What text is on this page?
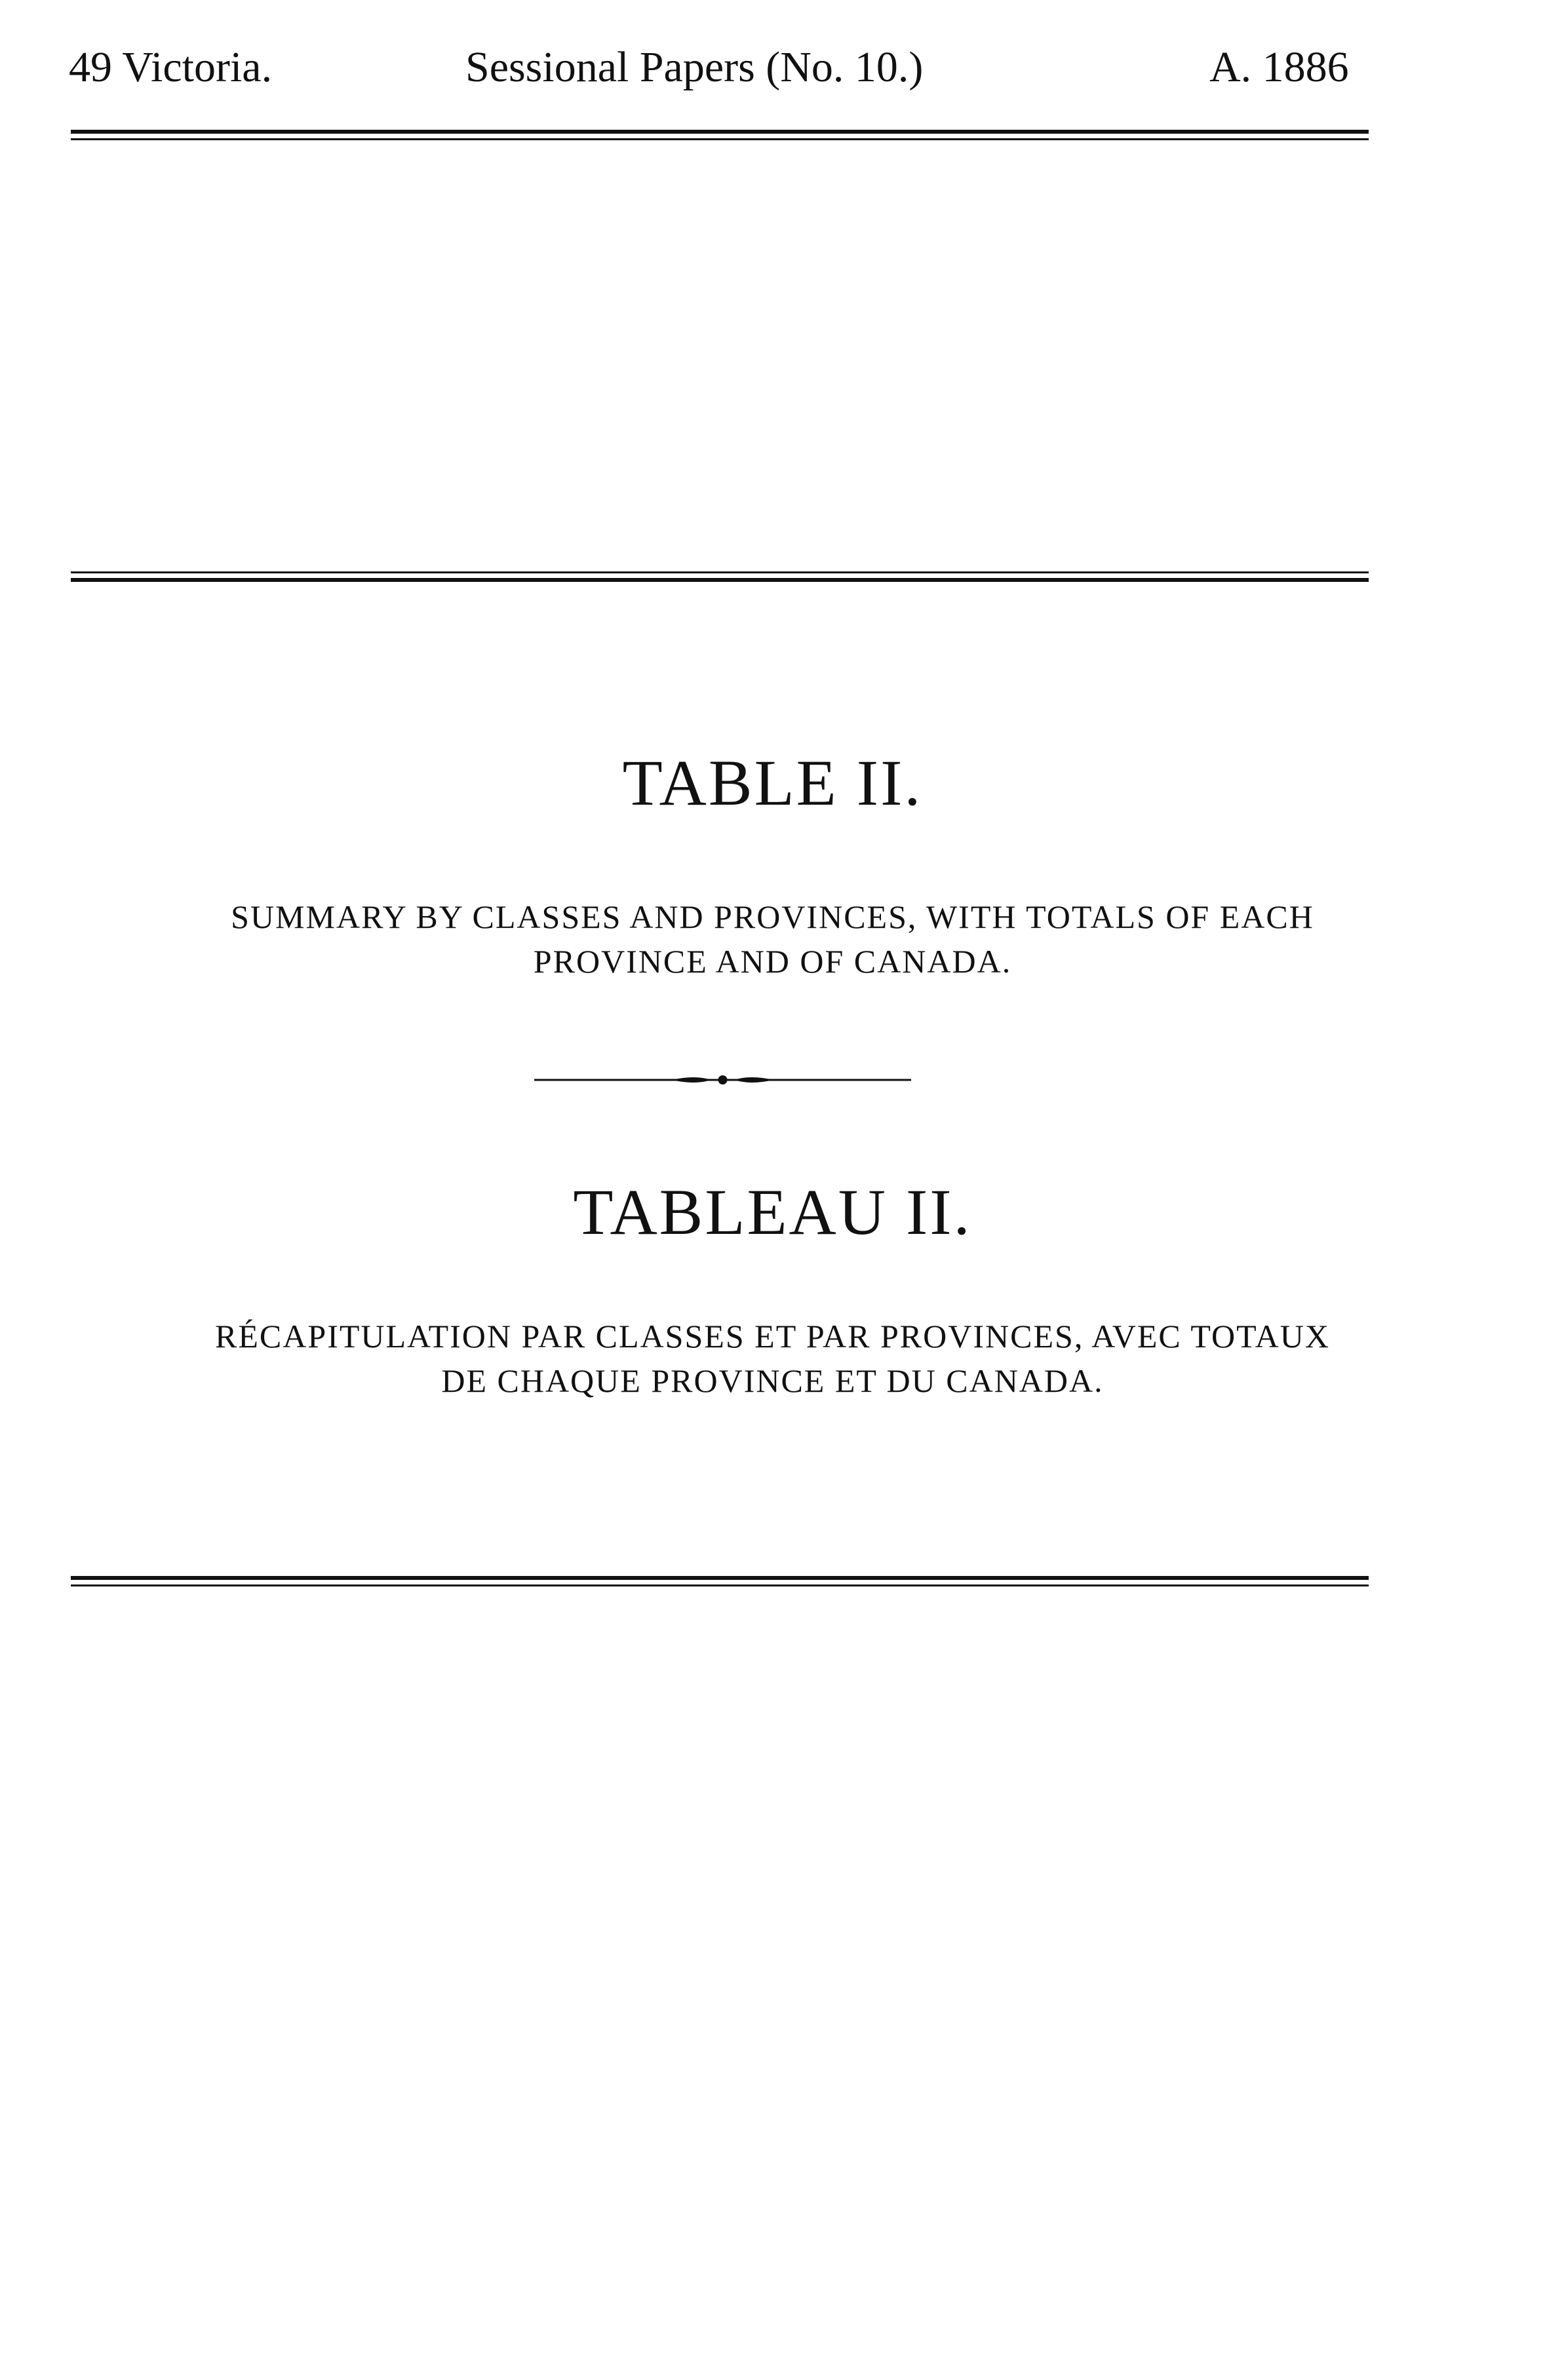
49 Victoria.	Sessional Papers (No. 10.)	A. 1886
TABLE II.
SUMMARY BY CLASSES AND PROVINCES, WITH TOTALS OF EACH
PROVINCE AND OF CANADA.
TABLEAU II.
RÉCAPITULATION PAR CLASSES ET PAR PROVINCES, AVEC TOTAUX
DE CHAQUE PROVINCE ET DU CANADA.
